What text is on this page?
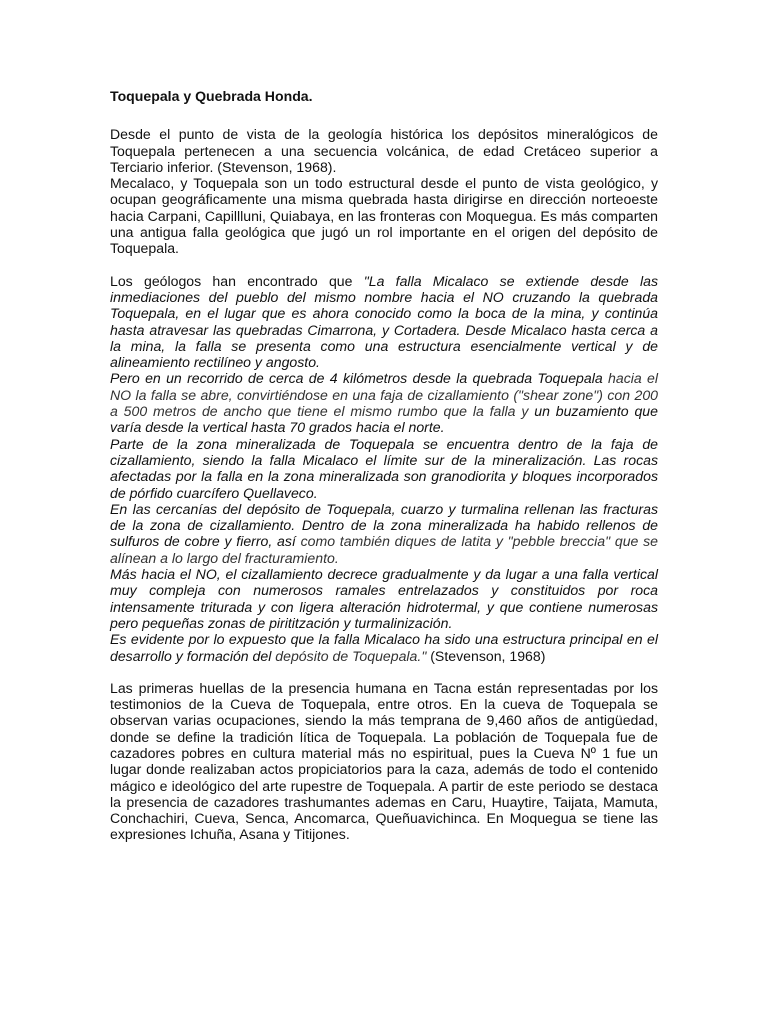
Toquepala y Quebrada Honda.

Desde el punto de vista de la geología histórica los depósitos mineralógicos de Toquepala pertenecen a una secuencia volcánica, de edad Cretáceo superior a Terciario inferior. (Stevenson, 1968).

Mecalaco, y Toquepala son un todo estructural desde el punto de vista geológico, y ocupan geográficamente una misma quebrada hasta dirigirse en dirección norteoeste hacia Carpani, Capillluni, Quiabaya, en las fronteras con Moquegua. Es más comparten una antigua falla geológica que jugó un rol importante en el origen del depósito de Toquepala.

Los geólogos han encontrado que "La falla Micalaco se extiende desde las inmediaciones del pueblo del mismo nombre hacia el NO cruzando la quebrada Toquepala, en el lugar que es ahora conocido como la boca de la mina, y continúa hasta atravesar las quebradas Cimarrona, y Cortadera. Desde Micalaco hasta cerca a la mina, la falla se presenta como una estructura esencialmente vertical y de alineamiento rectilíneo y angosto.

Pero en un recorrido de cerca de 4 kilómetros desde la quebrada Toquepala hacia el NO la falla se abre, convirtiéndose en una faja de cizallamiento ("shear zone") con 200 a 500 metros de ancho que tiene el mismo rumbo que la falla y un buzamiento que varía desde la vertical hasta 70 grados hacia el norte.

Parte de la zona mineralizada de Toquepala se encuentra dentro de la faja de cizallamiento, siendo la falla Micalaco el límite sur de la mineralización. Las rocas afectadas por la falla en la zona mineralizada son granodiorita y bloques incorporados de pórfido cuarcífero Quellaveco.

En las cercanías del depósito de Toquepala, cuarzo y turmalina rellenan las fracturas de la zona de cizallamiento. Dentro de la zona mineralizada ha habido rellenos de sulfuros de cobre y fierro, así como también diques de latita y "pebble breccia" que se alínean a lo largo del fracturamiento.

Más hacia el NO, el cizallamiento decrece gradualmente y da lugar a una falla vertical muy compleja con numerosos ramales entrelazados y constituidos por roca intensamente triturada y con ligera alteración hidrotermal, y que contiene numerosas pero pequeñas zonas de pirititzación y turmalinización.

Es evidente por lo expuesto que la falla Micalaco ha sido una estructura principal en el desarrollo y formación del depósito de Toquepala." (Stevenson, 1968)

Las primeras huellas de la presencia humana en Tacna están representadas por los testimonios de la Cueva de Toquepala, entre otros. En la cueva de Toquepala se observan varias ocupaciones, siendo la más temprana de 9,460 años de antigüedad, donde se define la tradición lítica de Toquepala. La población de Toquepala fue de cazadores pobres en cultura material más no espiritual, pues la Cueva Nº 1 fue un lugar donde realizaban actos propiciatorios para la caza, además de todo el contenido mágico e ideológico del arte rupestre de Toquepala. A partir de este periodo se destaca la presencia de cazadores trashumantes ademas en Caru, Huaytire, Taijata, Mamuta, Conchachiri, Cueva, Senca, Ancomarca, Queñuavichinca. En Moquegua se tiene las expresiones Ichuña, Asana y Titijones.
